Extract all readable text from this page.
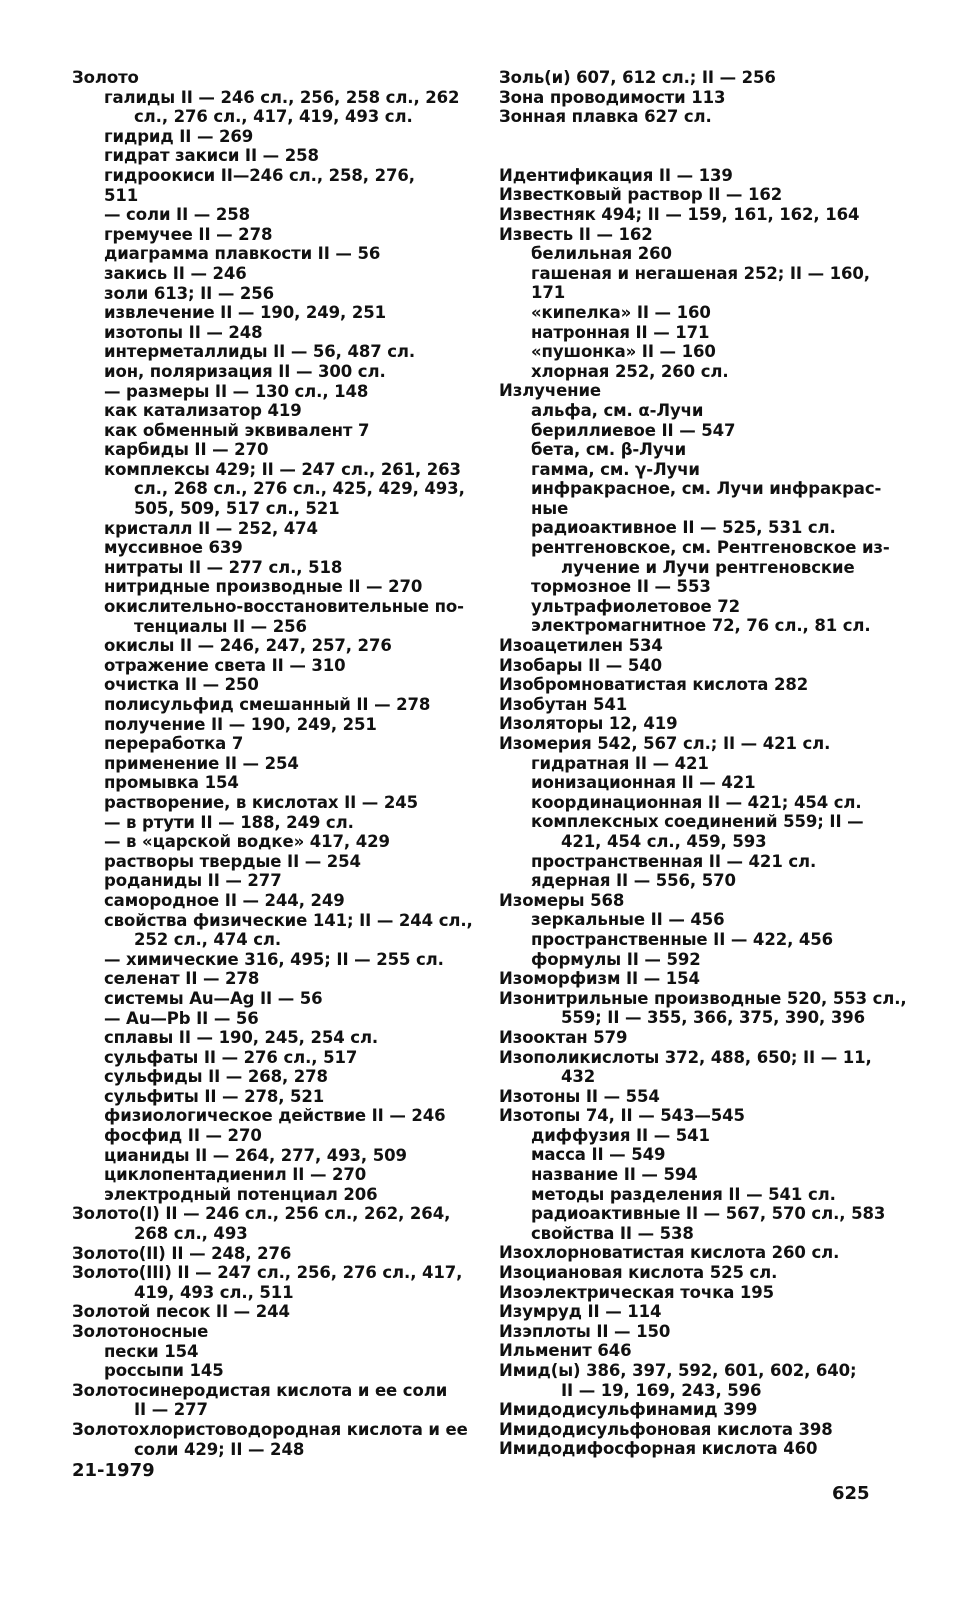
Золото
галиды II — 246 сл., 256, 258 сл., 262
сл., 276 сл., 417, 419, 493 сл.
гидрид II — 269
гидрат закиси II — 258
гидроокиси II—246 сл., 258, 276,
511
— соли II — 258
гремучее II — 278
диаграмма плавкости II — 56
закись II — 246
золи 613; II — 256
извлечение II — 190, 249, 251
изотопы II — 248
интерметаллиды II — 56, 487 сл.
ион, поляризация II — 300 сл.
— размеры II — 130 сл., 148
как катализатор 419
как обменный эквивалент 7
карбиды II — 270
комплексы 429; II — 247 сл., 261, 263
сл., 268 сл., 276 сл., 425, 429, 493,
505, 509, 517 сл., 521
кристалл II — 252, 474
муссивное 639
нитраты II — 277 сл., 518
нитридные производные II — 270
окислительно-восстановительные по-
тенциалы II — 256
окислы II — 246, 247, 257, 276
отражение света II — 310
очистка II — 250
полисульфид смешанный II — 278
получение II — 190, 249, 251
переработка 7
применение II — 254
промывка 154
растворение, в кислотах II — 245
— в ртути II — 188, 249 сл.
— в «царской водке» 417, 429
растворы твердые II — 254
роданиды II — 277
самородное II — 244, 249
свойства физические 141; II — 244 сл.,
252 сл., 474 сл.
— химические 316, 495; II — 255 сл.
селенат II — 278
системы Au—Ag II — 56
— Au—Pb II — 56
сплавы II — 190, 245, 254 сл.
сульфаты II — 276 сл., 517
сульфиды II — 268, 278
сульфиты II — 278, 521
физиологическое действие II — 246
фосфид II — 270
цианиды II — 264, 277, 493, 509
циклопентадиенил II — 270
электродный потенциал 206
Золото(I) II — 246 сл., 256 сл., 262, 264,
268 сл., 493
Золото(II) II — 248, 276
Золото(III) II — 247 сл., 256, 276 сл., 417,
419, 493 сл., 511
Золотой песок II — 244
Золотоносные
пески 154
россыпи 145
Золотосинеродистая кислота и ее соли
II — 277
Золотохлористоводородная кислота и ее
соли 429; II — 248
Золь(и) 607, 612 сл.; II — 256
Зона проводимости 113
Зонная плавка 627 сл.
Идентификация II — 139
Известковый раствор II — 162
Известняк 494; II — 159, 161, 162, 164
Известь II — 162
белильная 260
гашеная и негашеная 252; II — 160,
171
«кипелка» II — 160
натронная II — 171
«пушонка» II — 160
хлорная 252, 260 сл.
Излучение
альфа, см. α-Лучи
бериллиевое II — 547
бета, см. β-Лучи
гамма, см. γ-Лучи
инфракрасное, см. Лучи инфракрас-
ные
радиоактивное II — 525, 531 сл.
рентгеновское, см. Рентгеновское из-
лучение и Лучи рентгеновские
тормозное II — 553
ультрафиолетовое 72
электромагнитное 72, 76 сл., 81 сл.
Изоацетилен 534
Изобары II — 540
Изобромноватистая кислота 282
Изобутан 541
Изоляторы 12, 419
Изомерия 542, 567 сл.; II — 421 сл.
гидратная II — 421
ионизационная II — 421
координационная II — 421; 454 сл.
комплексных соединений 559; II —
421, 454 сл., 459, 593
пространственная II — 421 сл.
ядерная II — 556, 570
Изомеры 568
зеркальные II — 456
пространственные II — 422, 456
формулы II — 592
Изоморфизм II — 154
Изонитрильные производные 520, 553 сл.,
559; II — 355, 366, 375, 390, 396
Изооктан 579
Изополикислоты 372, 488, 650; II — 11,
432
Изотоны II — 554
Изотопы 74, II — 543—545
диффузия II — 541
масса II — 549
название II — 594
методы разделения II — 541 сл.
радиоактивные II — 567, 570 сл., 583
свойства II — 538
Изохлорноватистая кислота 260 сл.
Изоциановая кислота 525 сл.
Изоэлектрическая точка 195
Изумруд II — 114
Изэплоты II — 150
Ильменит 646
Имид(ы) 386, 397, 592, 601, 602, 640;
II — 19, 169, 243, 596
Имидодисульфинамид 399
Имидодисульфоновая кислота 398
Имидодифосфорная кислота 460
21-1979
625
